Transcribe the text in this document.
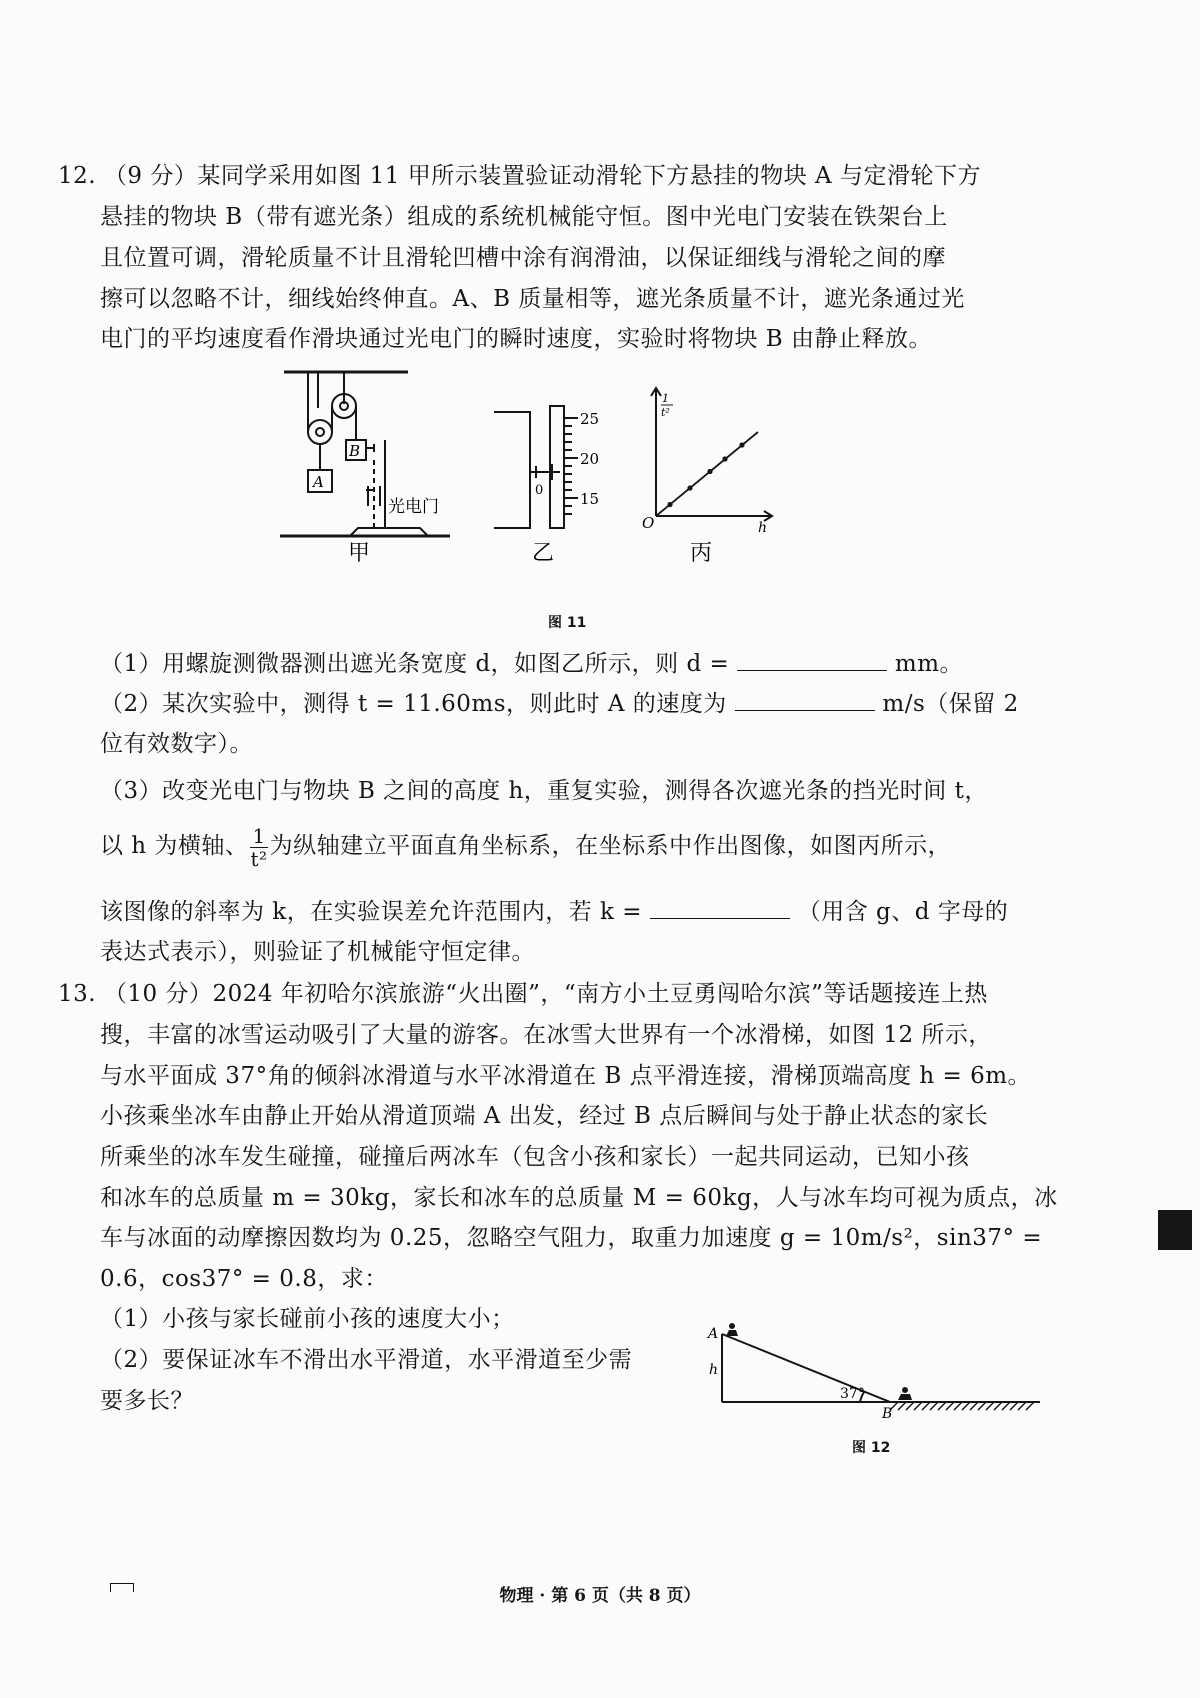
12. （9 分）某同学采用如图 11 甲所示装置验证动滑轮下方悬挂的物块 A 与定滑轮下方
悬挂的物块 B（带有遮光条）组成的系统机械能守恒。图中光电门安装在铁架台上
且位置可调，滑轮质量不计且滑轮凹槽中涂有润滑油，以保证细线与滑轮之间的摩
擦可以忽略不计，细线始终伸直。A、B 质量相等，遮光条质量不计，遮光条通过光
电门的平均速度看作滑块通过光电门的瞬时速度，实验时将物块 B 由静止释放。
A
B
光电门
甲
25
20
15
0
乙
1
t²
O	h
丙
图 11
（1）用螺旋测微器测出遮光条宽度 d，如图乙所示，则 d =	mm。
（2）某次实验中，测得 t = 11.60ms，则此时 A 的速度为	m/s（保留 2
位有效数字）。
（3）改变光电门与物块 B 之间的高度 h，重复实验，测得各次遮光条的挡光时间 t，
以 h 为横轴、 $\frac{1}{\text{t²}}$ 为纵轴建立平面直角坐标系，在坐标系中作出图像，如图丙所示，
该图像的斜率为 k，在实验误差允许范围内，若 k =	（用含 g、d 字母的
表达式表示），则验证了机械能守恒定律。
13. （10 分）2024 年初哈尔滨旅游“火出圈”，“南方小土豆勇闯哈尔滨”等话题接连上热
搜，丰富的冰雪运动吸引了大量的游客。在冰雪大世界有一个冰滑梯，如图 12 所示，
与水平面成 37°角的倾斜冰滑道与水平冰滑道在 B 点平滑连接，滑梯顶端高度 h = 6m。
小孩乘坐冰车由静止开始从滑道顶端 A 出发，经过 B 点后瞬间与处于静止状态的家长
所乘坐的冰车发生碰撞，碰撞后两冰车（包含小孩和家长）一起共同运动，已知小孩
和冰车的总质量 m = 30kg，家长和冰车的总质量 M = 60kg，人与冰车均可视为质点，冰
车与冰面的动摩擦因数均为 0.25，忽略空气阻力，取重力加速度 g = 10m/s²，sin37° =
0.6，cos37° = 0.8，求：
（1）小孩与家长碰前小孩的速度大小；
（2）要保证冰车不滑出水平滑道，水平滑道至少需
要多长？
A
h
37°
B
图 12
物理 · 第 6 页（共 8 页）
